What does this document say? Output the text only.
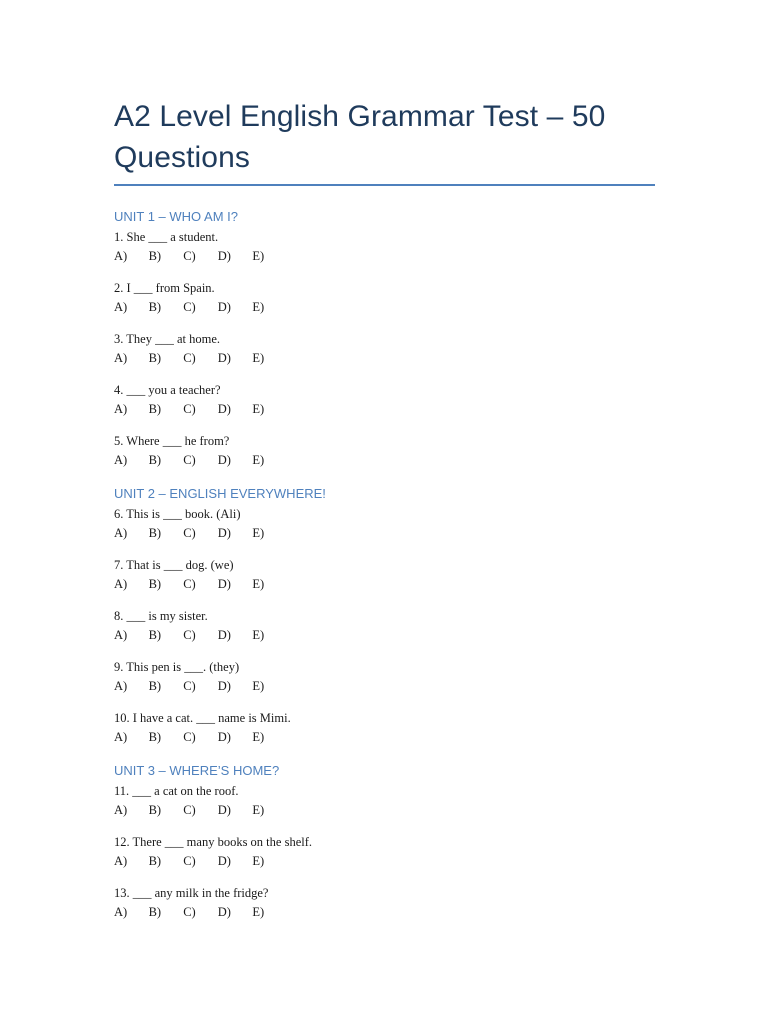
A2 Level English Grammar Test – 50 Questions
UNIT 1 – WHO AM I?
1. She ___ a student.
A)	B)	C)	D)	E)
2. I ___ from Spain.
A)	B)	C)	D)	E)
3. They ___ at home.
A)	B)	C)	D)	E)
4. ___ you a teacher?
A)	B)	C)	D)	E)
5. Where ___ he from?
A)	B)	C)	D)	E)
UNIT 2 – ENGLISH EVERYWHERE!
6. This is ___ book. (Ali)
A)	B)	C)	D)	E)
7. That is ___ dog. (we)
A)	B)	C)	D)	E)
8. ___ is my sister.
A)	B)	C)	D)	E)
9. This pen is ___. (they)
A)	B)	C)	D)	E)
10. I have a cat. ___ name is Mimi.
A)	B)	C)	D)	E)
UNIT 3 – WHERE’S HOME?
11. ___ a cat on the roof.
A)	B)	C)	D)	E)
12. There ___ many books on the shelf.
A)	B)	C)	D)	E)
13. ___ any milk in the fridge?
A)	B)	C)	D)	E)
